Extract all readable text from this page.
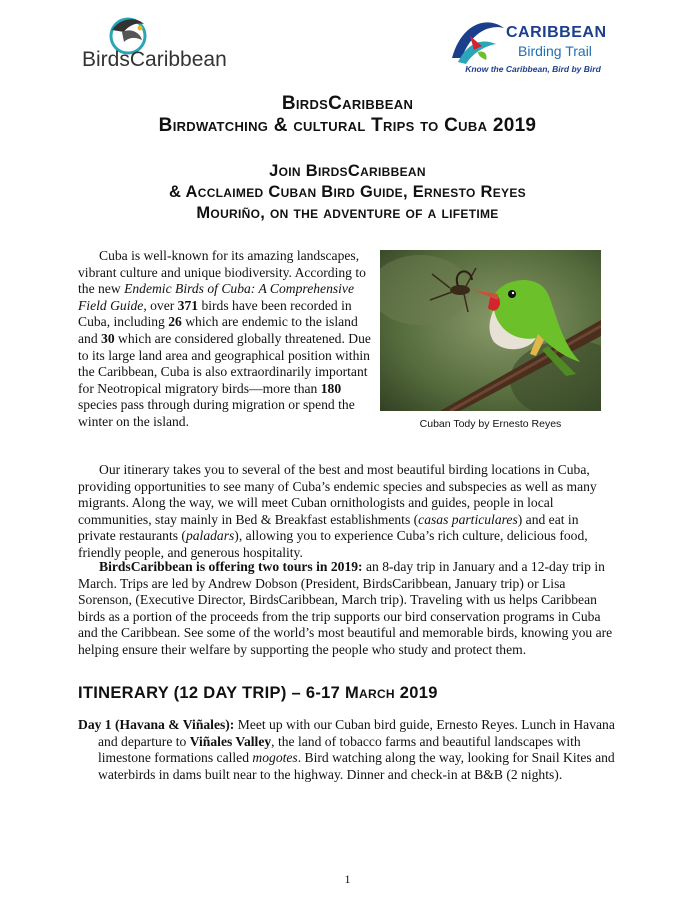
BirdsCaribbean
CARIBBEAN
Birding Trail
Know the Caribbean, Bird by Bird
BirdsCaribbean
Birdwatching & cultural Trips to Cuba 2019
Join BirdsCaribbean
& Acclaimed Cuban Bird Guide, Ernesto Reyes
Mouriño, on the adventure of a lifetime

Cuba is well-known for its amazing landscapes, vibrant culture and unique biodiversity. According to the new Endemic Birds of Cuba: A Comprehensive Field Guide, over 371 birds have been recorded in Cuba, including 26 which are endemic to the island and 30 which are considered globally threatened. Due to its large land area and geographical position within the Caribbean, Cuba is also extraordinarily important for Neotropical migratory birds—more than 180 species pass through during migration or spend the winter on the island.	Cuban Tody by Ernesto Reyes

Our itinerary takes you to several of the best and most beautiful birding locations in Cuba, providing opportunities to see many of Cuba’s endemic species and subspecies as well as many migrants. Along the way, we will meet Cuban ornithologists and guides, people in local communities, stay mainly in Bed & Breakfast establishments (casas particulares) and eat in private restaurants (paladars), allowing you to experience Cuba’s rich culture, delicious food, friendly people, and generous hospitality.

BirdsCaribbean is offering two tours in 2019: an 8-day trip in January and a 12-day trip in March. Trips are led by Andrew Dobson (President, BirdsCaribbean, January trip) or Lisa Sorenson, (Executive Director, BirdsCaribbean, March trip). Traveling with us helps Caribbean birds as a portion of the proceeds from the trip supports our bird conservation programs in Cuba and the Caribbean. See some of the world’s most beautiful and memorable birds, knowing you are helping ensure their welfare by supporting the people who study and protect them.

ITINERARY (12 DAY TRIP) – 6-17 March 2019

Day 1 (Havana & Viñales): Meet up with our Cuban bird guide, Ernesto Reyes. Lunch in Havana and departure to Viñales Valley, the land of tobacco farms and beautiful landscapes with limestone formations called mogotes. Bird watching along the way, looking for Snail Kites and waterbirds in dams built near to the highway. Dinner and check-in at B&B (2 nights).

1
